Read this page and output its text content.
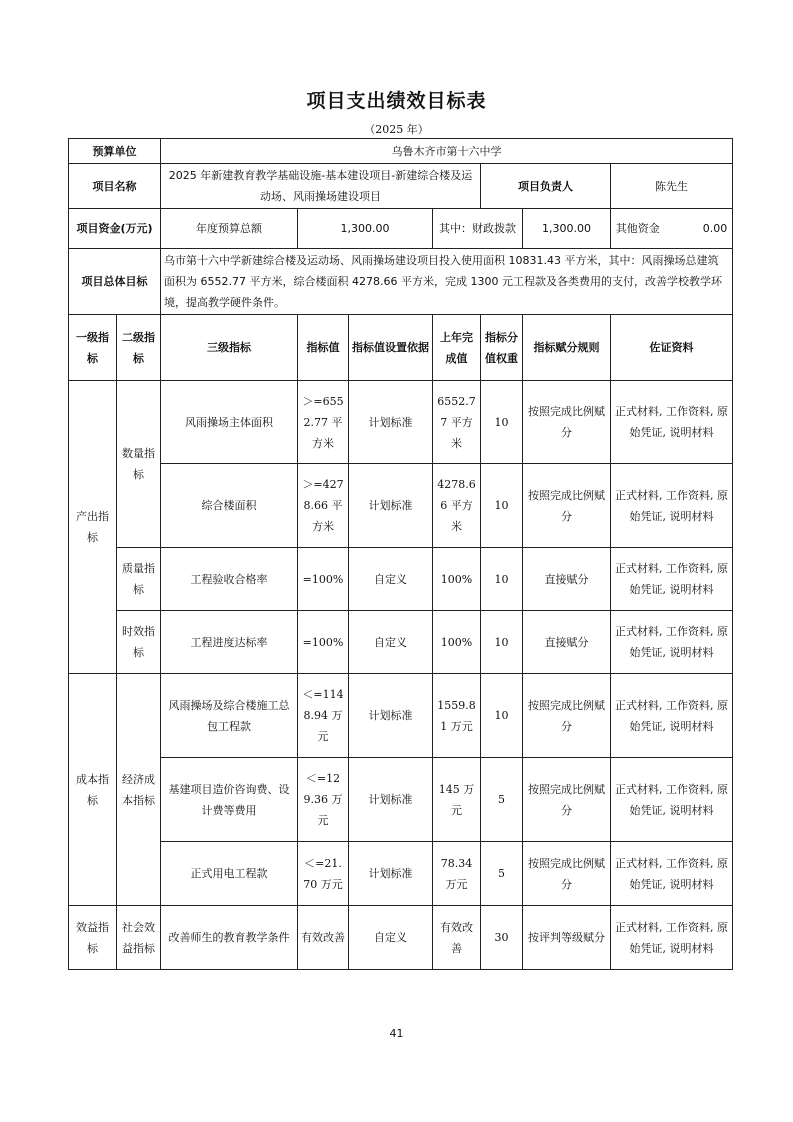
项目支出绩效目标表
（2025 年）
预算单位		乌鲁木齐市第十六中学						
项目名称		2025 年新建教育教学基础设施-基本建设项目-新建综合楼及运动场、风雨操场建设项目				项目负责人		陈先生
项目资金(万元)		年度预算总额	1,300.00		其中：财政拨款		1,300.00	其他资金 0.00
项目总体目标		乌市第十六中学新建综合楼及运动场、风雨操场建设项目投入使用面积 10831.43 平方米，其中：风雨操场总建筑面积为 6552.77 平方米，综合楼面积 4278.66 平方米，完成 1300 元工程款及各类费用的支付，改善学校教学环境，提高教学硬件条件。						
一级指标	二级指标	三级指标	指标值	指标值设置依据	上年完成值	指标分值权重	指标赋分规则	佐证资料
产出指标	数量指标	风雨操场主体面积	＞=6552.77 平方米	计划标准	6552.77 平方米	10	按照完成比例赋分	正式材料, 工作资料, 原始凭证, 说明材料
		综合楼面积	＞=4278.66 平方米	计划标准	4278.66 平方米	10	按照完成比例赋分	正式材料, 工作资料, 原始凭证, 说明材料
	质量指标	工程验收合格率	=100%	自定义	100%	10	直接赋分	正式材料, 工作资料, 原始凭证, 说明材料
	时效指标	工程进度达标率	=100%	自定义	100%	10	直接赋分	正式材料, 工作资料, 原始凭证, 说明材料
成本指标	经济成本指标	风雨操场及综合楼施工总包工程款	＜=1148.94 万元	计划标准	1559.81 万元	10	按照完成比例赋分	正式材料, 工作资料, 原始凭证, 说明材料
		基建项目造价咨询费、设计费等费用	＜=129.36 万元	计划标准	145 万元	5	按照完成比例赋分	正式材料, 工作资料, 原始凭证, 说明材料
		正式用电工程款	＜=21.70 万元	计划标准	78.34 万元	5	按照完成比例赋分	正式材料, 工作资料, 原始凭证, 说明材料
效益指标	社会效益指标	改善师生的教育教学条件	有效改善	自定义	有效改善	30	按评判等级赋分	正式材料, 工作资料, 原始凭证, 说明材料
41
